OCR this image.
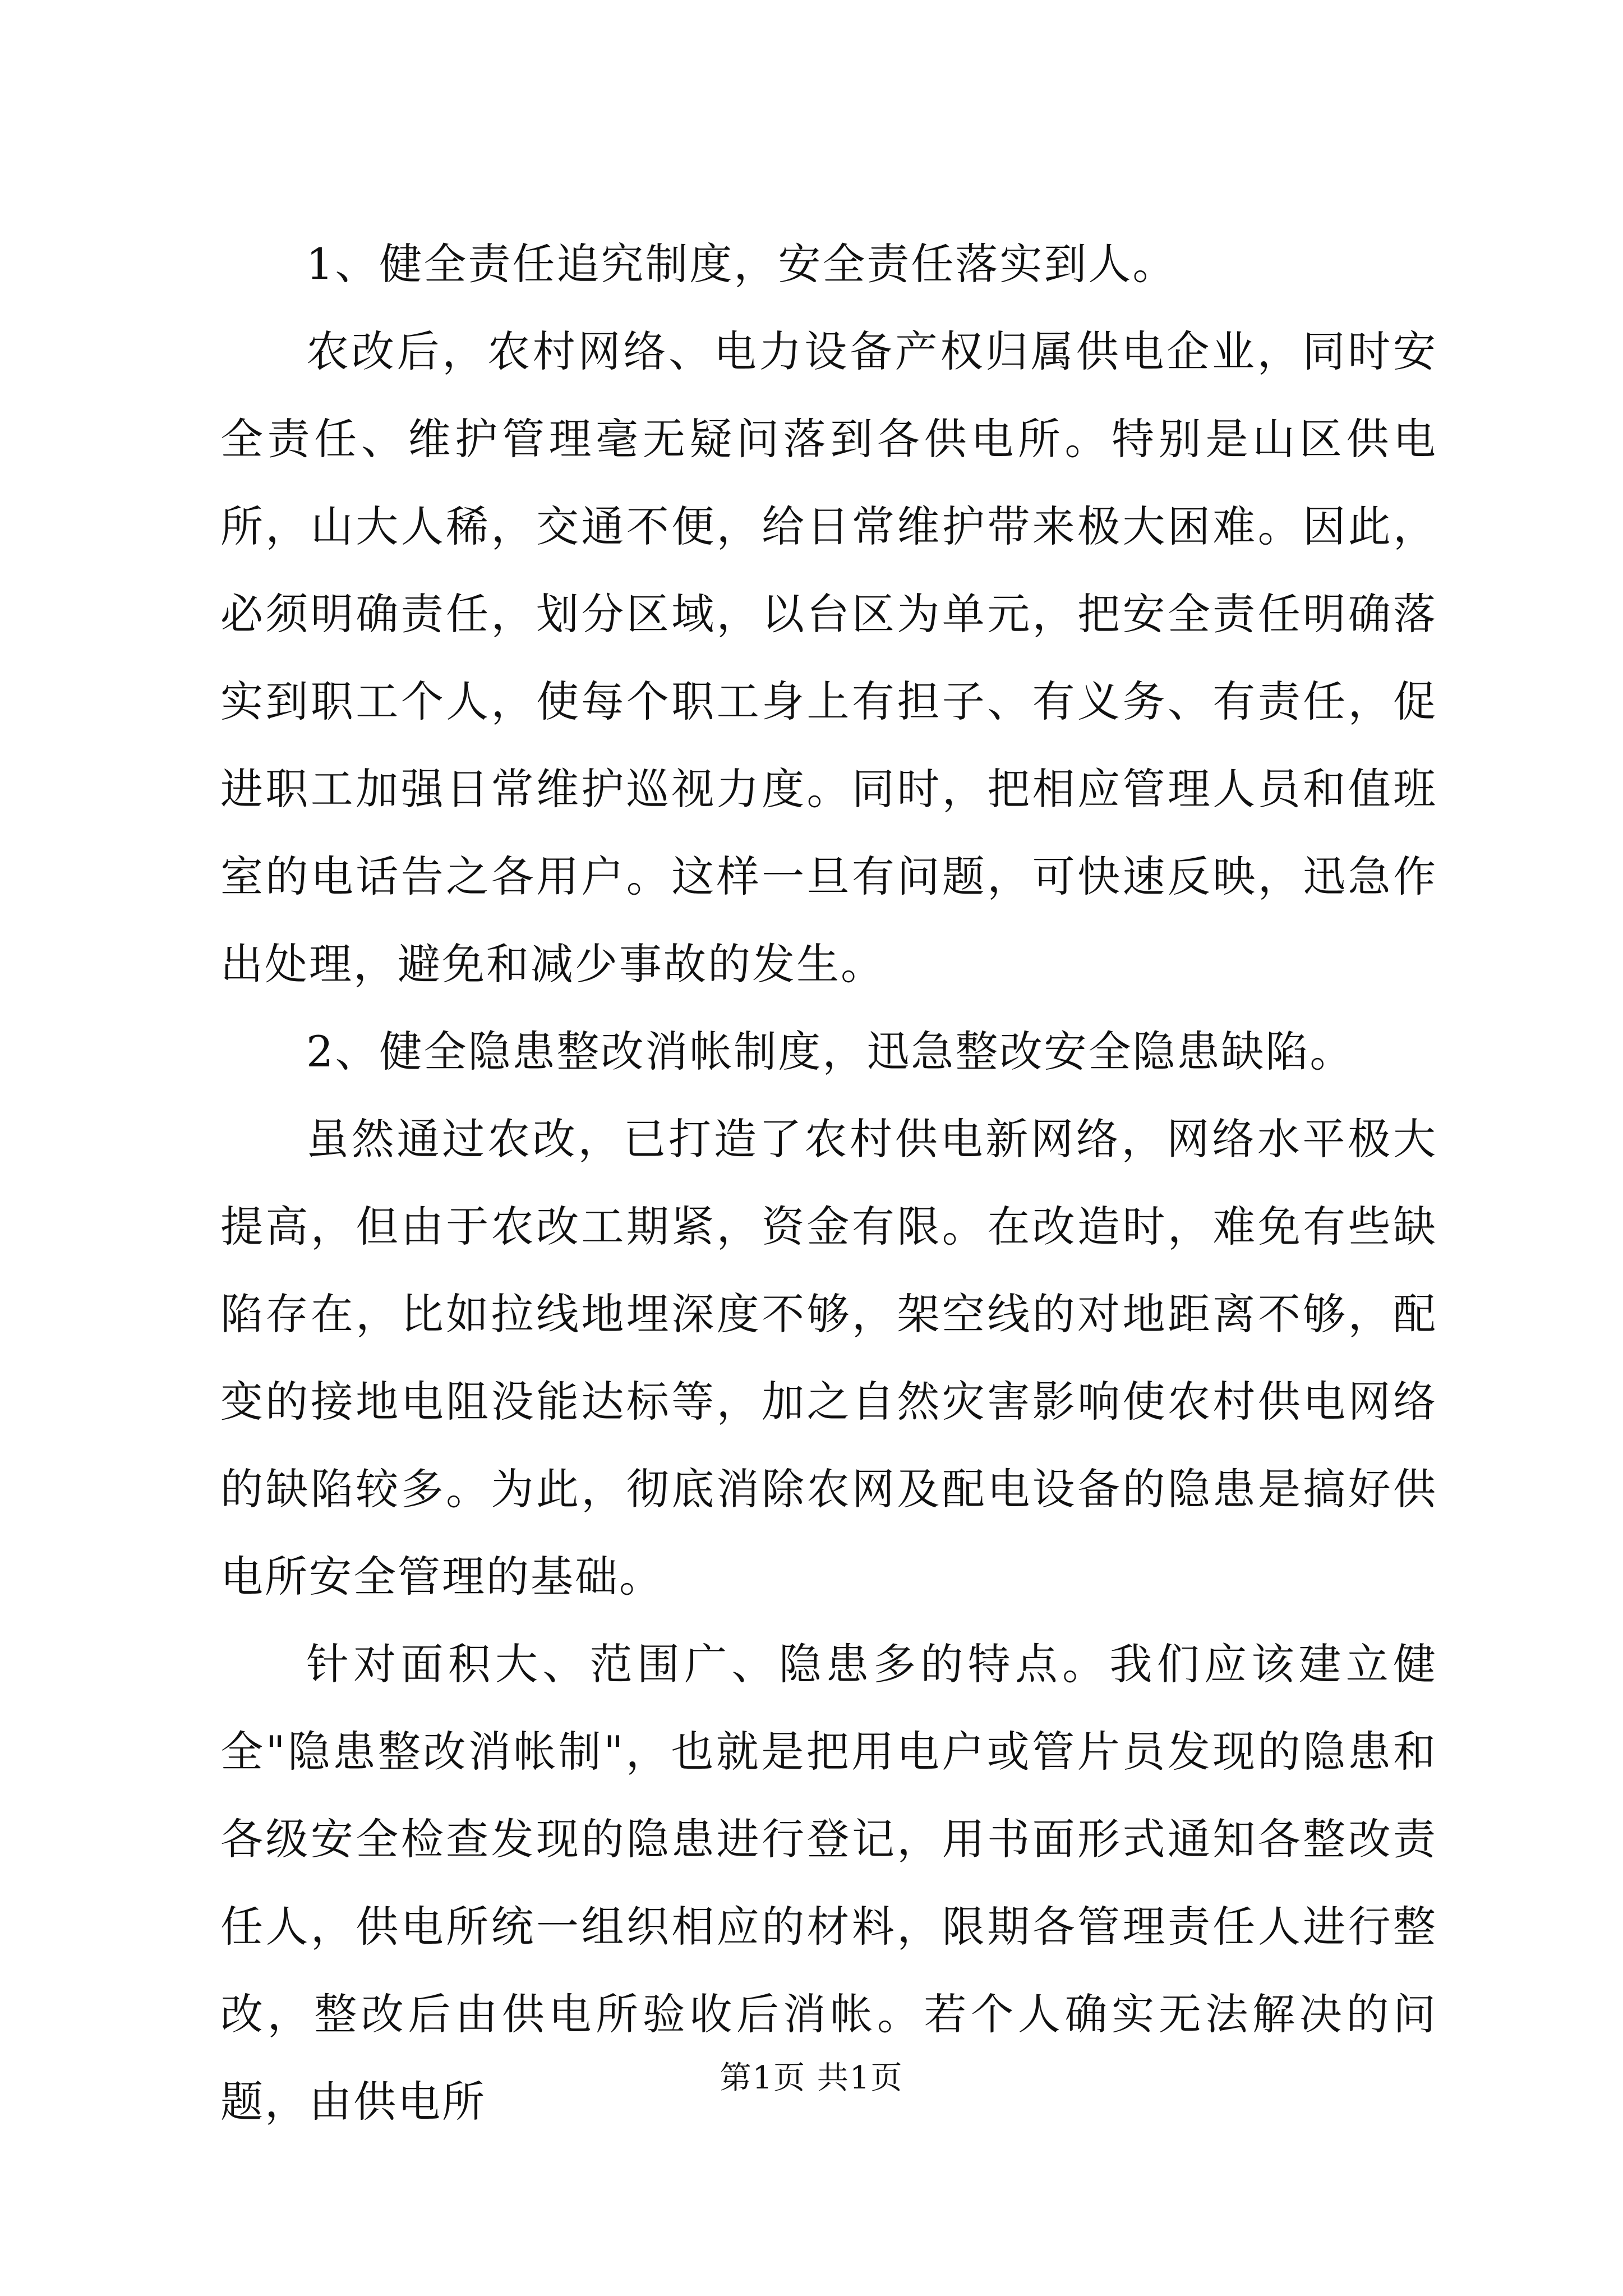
1、健全责任追究制度，安全责任落实到人。

农改后，农村网络、电力设备产权归属供电企业，同时安全责任、维护管理毫无疑问落到各供电所。特别是山区供电所，山大人稀，交通不便，给日常维护带来极大困难。因此，必须明确责任，划分区域，以台区为单元，把安全责任明确落实到职工个人，使每个职工身上有担子、有义务、有责任，促进职工加强日常维护巡视力度。同时，把相应管理人员和值班室的电话告之各用户。这样一旦有问题，可快速反映，迅急作出处理，避免和减少事故的发生。

2、健全隐患整改消帐制度，迅急整改安全隐患缺陷。

虽然通过农改，已打造了农村供电新网络，网络水平极大提高，但由于农改工期紧，资金有限。在改造时，难免有些缺陷存在，比如拉线地埋深度不够，架空线的对地距离不够，配变的接地电阻没能达标等，加之自然灾害影响使农村供电网络的缺陷较多。为此，彻底消除农网及配电设备的隐患是搞好供电所安全管理的基础。

针对面积大、范围广、隐患多的特点。我们应该建立健全"隐患整改消帐制"，也就是把用电户或管片员发现的隐患和各级安全检查发现的隐患进行登记，用书面形式通知各整改责任人，供电所统一组织相应的材料，限期各管理责任人进行整改，整改后由供电所验收后消帐。若个人确实无法解决的问题，由供电所	第1页 共1页
